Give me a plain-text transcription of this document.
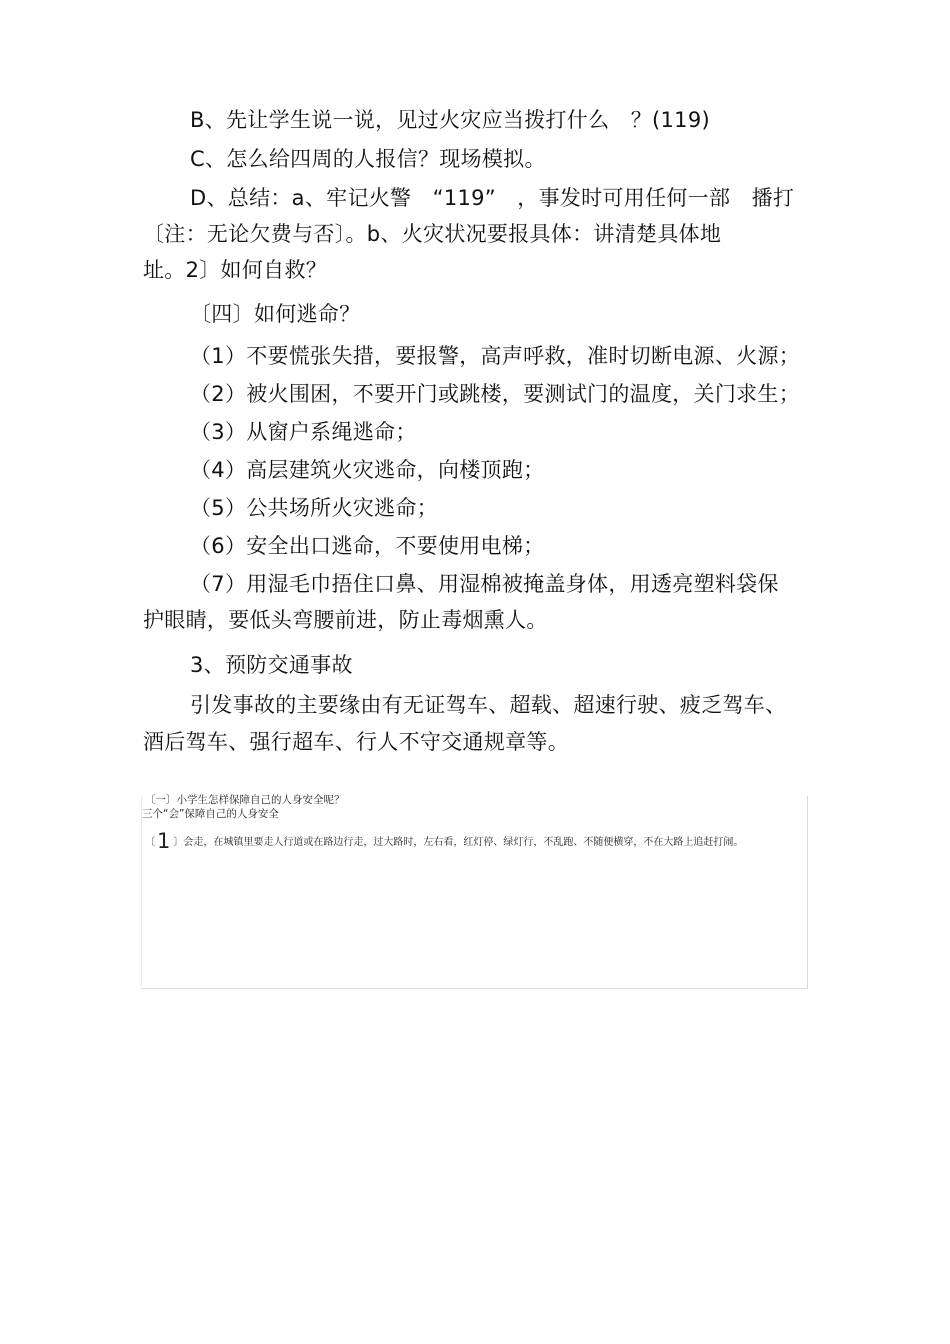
B、先让学生说一说，见过火灾应当拨打什么　？(119)
C、怎么给四周的人报信？现场模拟。
D、总结：a、牢记火警　“119”　，事发时可用任何一部　播打
〔注：无论欠费与否〕。b、火灾状况要报具体：讲清楚具体地
址。2〕如何自救？
〔四〕如何逃命？
（1）不要慌张失措，要报警，高声呼救，准时切断电源、火源；
（2）被火围困，不要开门或跳楼，要测试门的温度，关门求生；
（3）从窗户系绳逃命；
（4）高层建筑火灾逃命，向楼顶跑；
（5）公共场所火灾逃命；
（6）安全出口逃命，不要使用电梯；
（7）用湿毛巾捂住口鼻、用湿棉被掩盖身体，用透亮塑料袋保
护眼睛，要低头弯腰前进，防止毒烟熏人。
3、预防交通事故
引发事故的主要缘由有无证驾车、超载、超速行驶、疲乏驾车、
酒后驾车、强行超车、行人不守交通规章等。
〔一〕小学生怎样保障自己的人身安全呢？
三个“会”保障自己的人身安全
〔1 〕会走，在城镇里要走人行道或在路边行走，过大路时，左右看，红灯停、绿灯行，不乱跑、不随便横穿，不在大路上追赶打闹。
